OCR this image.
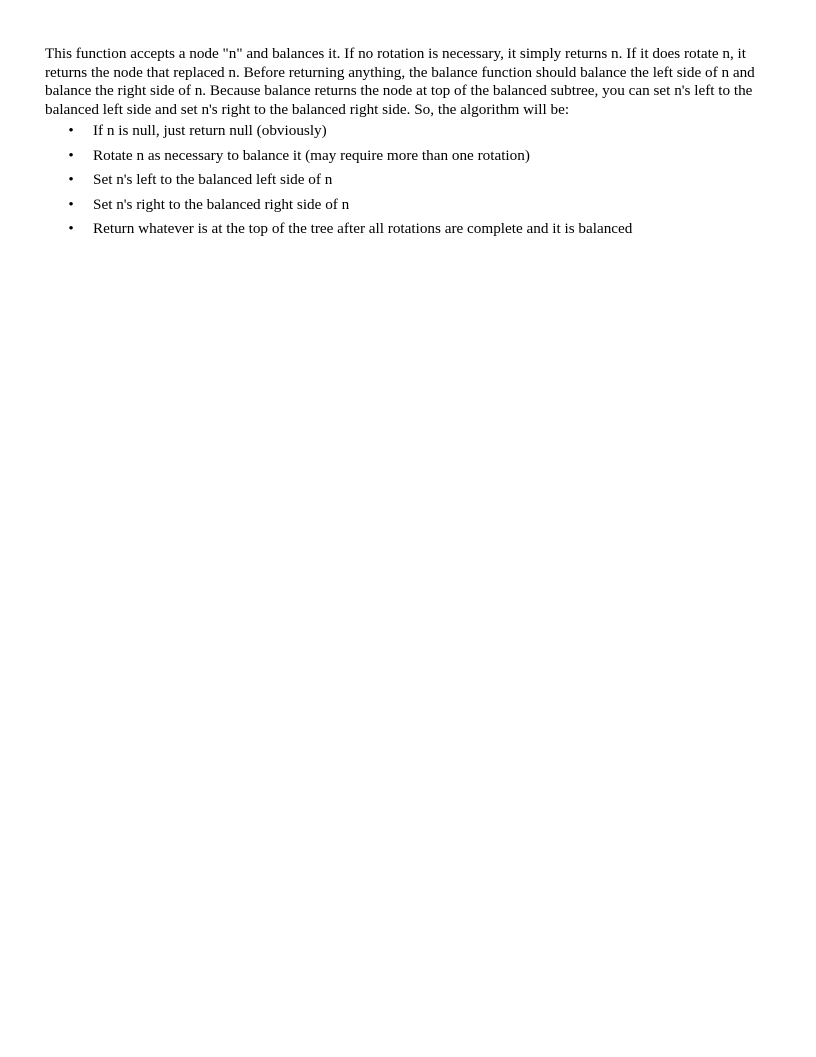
This function accepts a node "n" and balances it. If no rotation is necessary, it simply returns n. If it does rotate n, it returns the node that replaced n. Before returning anything, the balance function should balance the left side of n and balance the right side of n. Because balance returns the node at top of the balanced subtree, you can set n's left to the balanced left side and set n's right to the balanced right side. So, the algorithm will be:

• If n is null, just return null (obviously)
• Rotate n as necessary to balance it (may require more than one rotation)
• Set n's left to the balanced left side of n
• Set n's right to the balanced right side of n
• Return whatever is at the top of the tree after all rotations are complete and it is balanced
